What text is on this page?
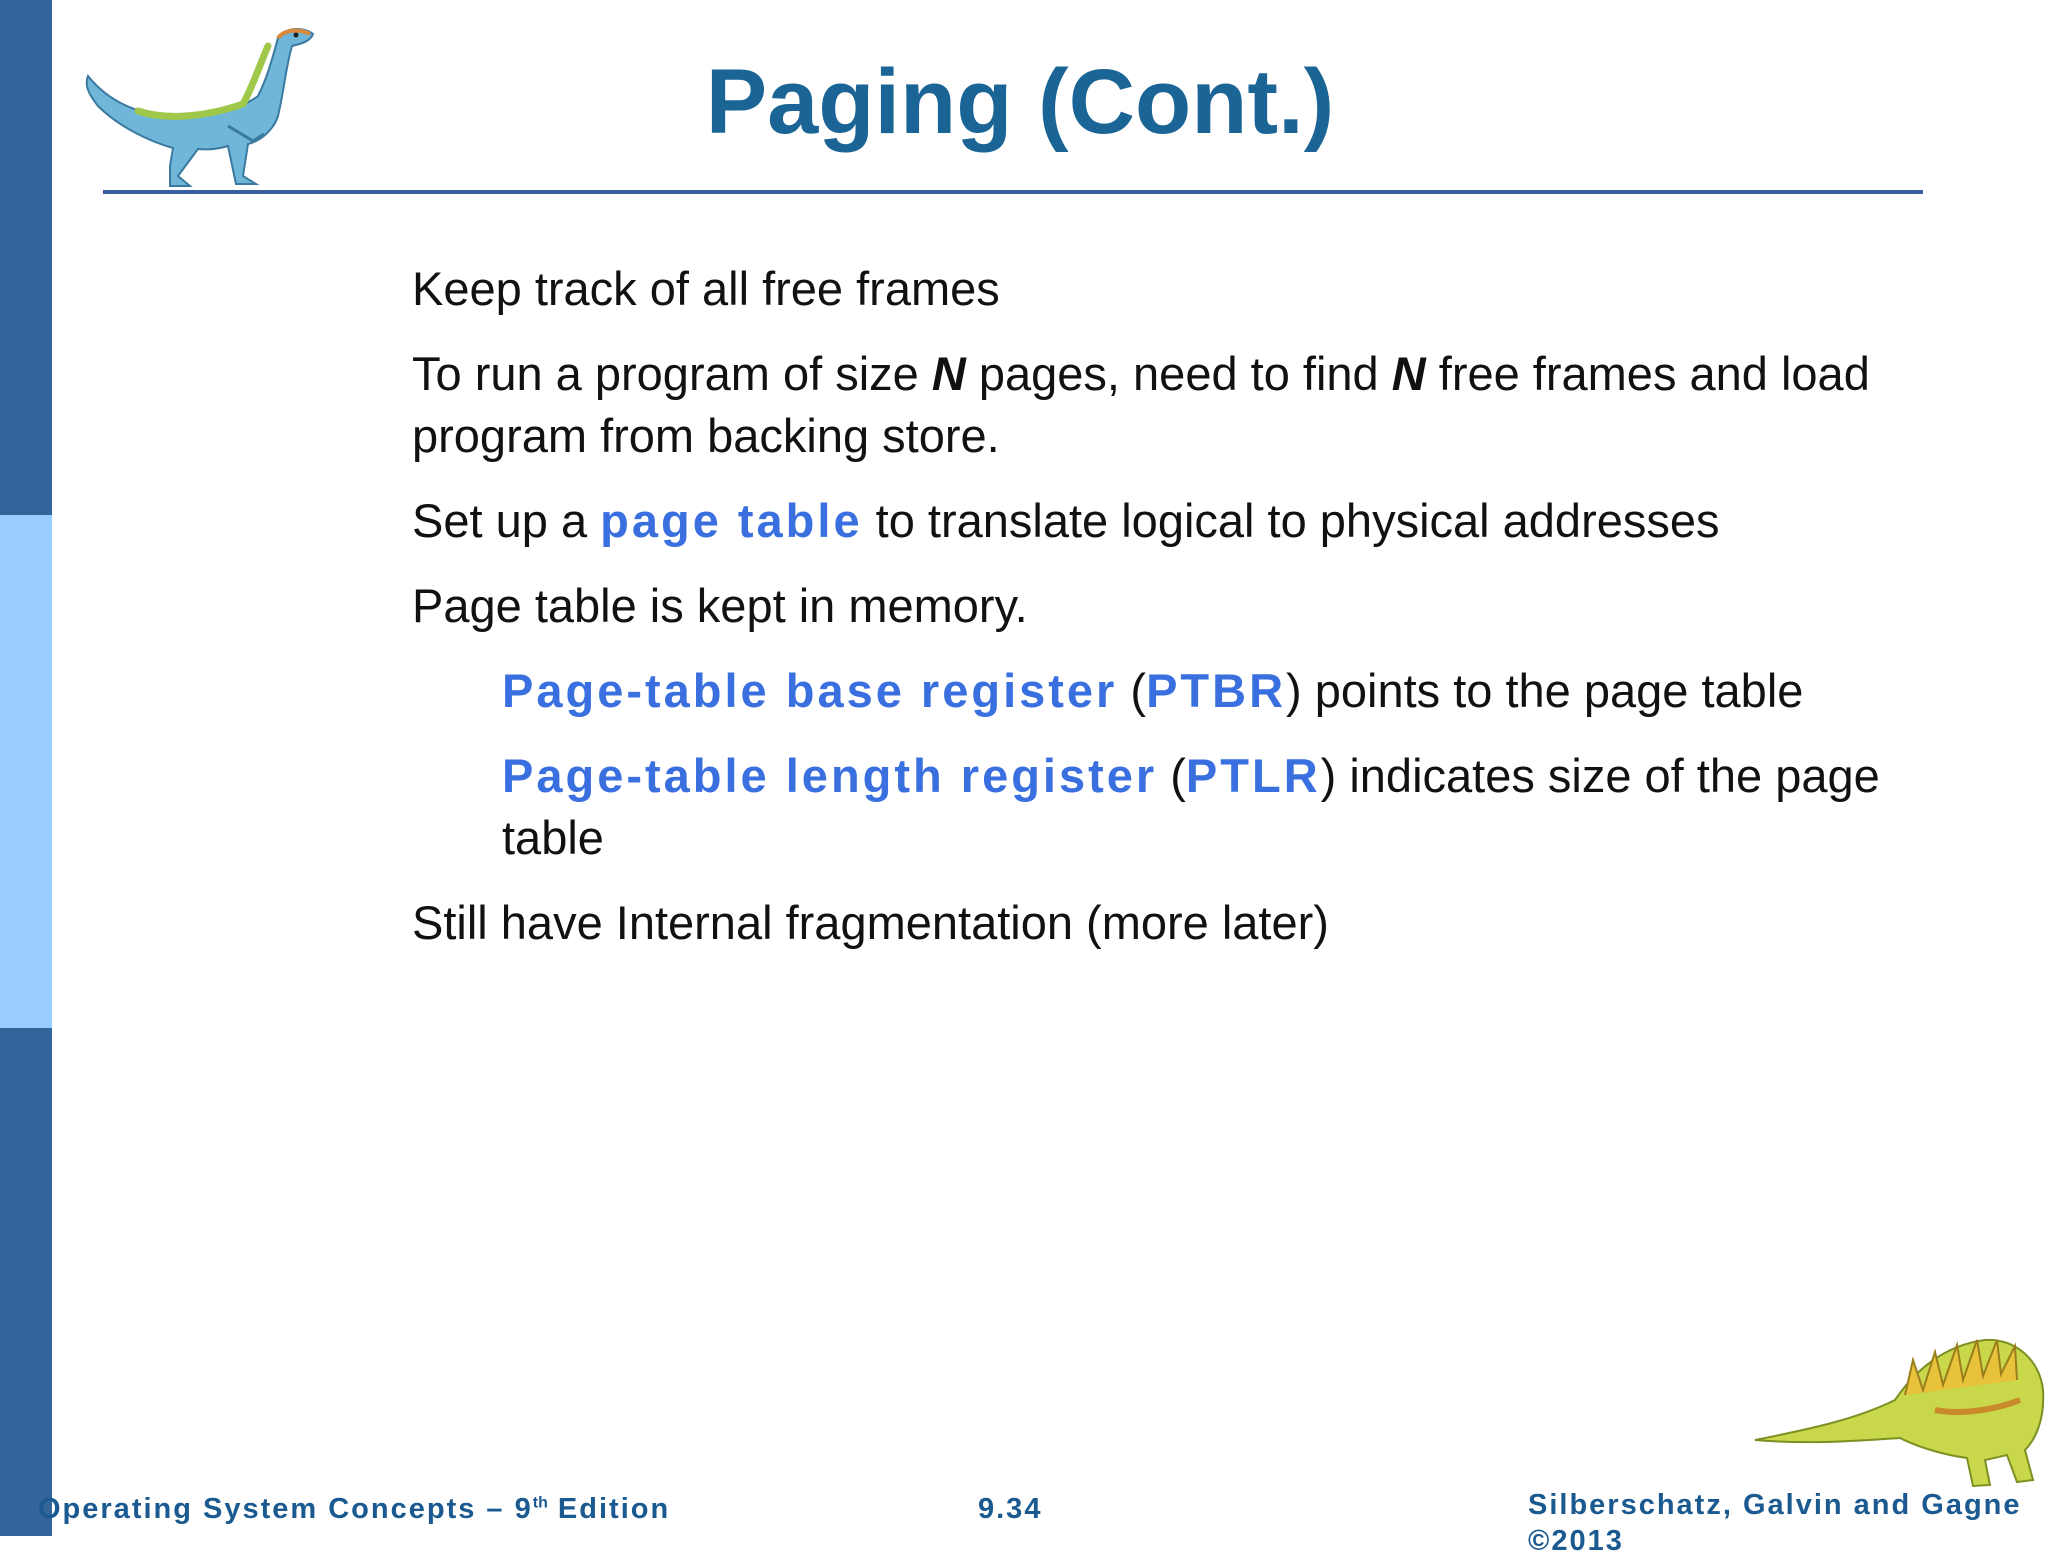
Paging (Cont.)
Keep track of all free frames
To run a program of size N pages, need to find N free frames and load program from backing store.
Set up a page table to translate logical to physical addresses
Page table is kept in memory.
Page-table base register (PTBR) points to the page table
Page-table length register (PTLR) indicates size of the page table
Still have Internal fragmentation (more later)
Operating System Concepts – 9th Edition	9.34	Silberschatz, Galvin and Gagne ©2013
